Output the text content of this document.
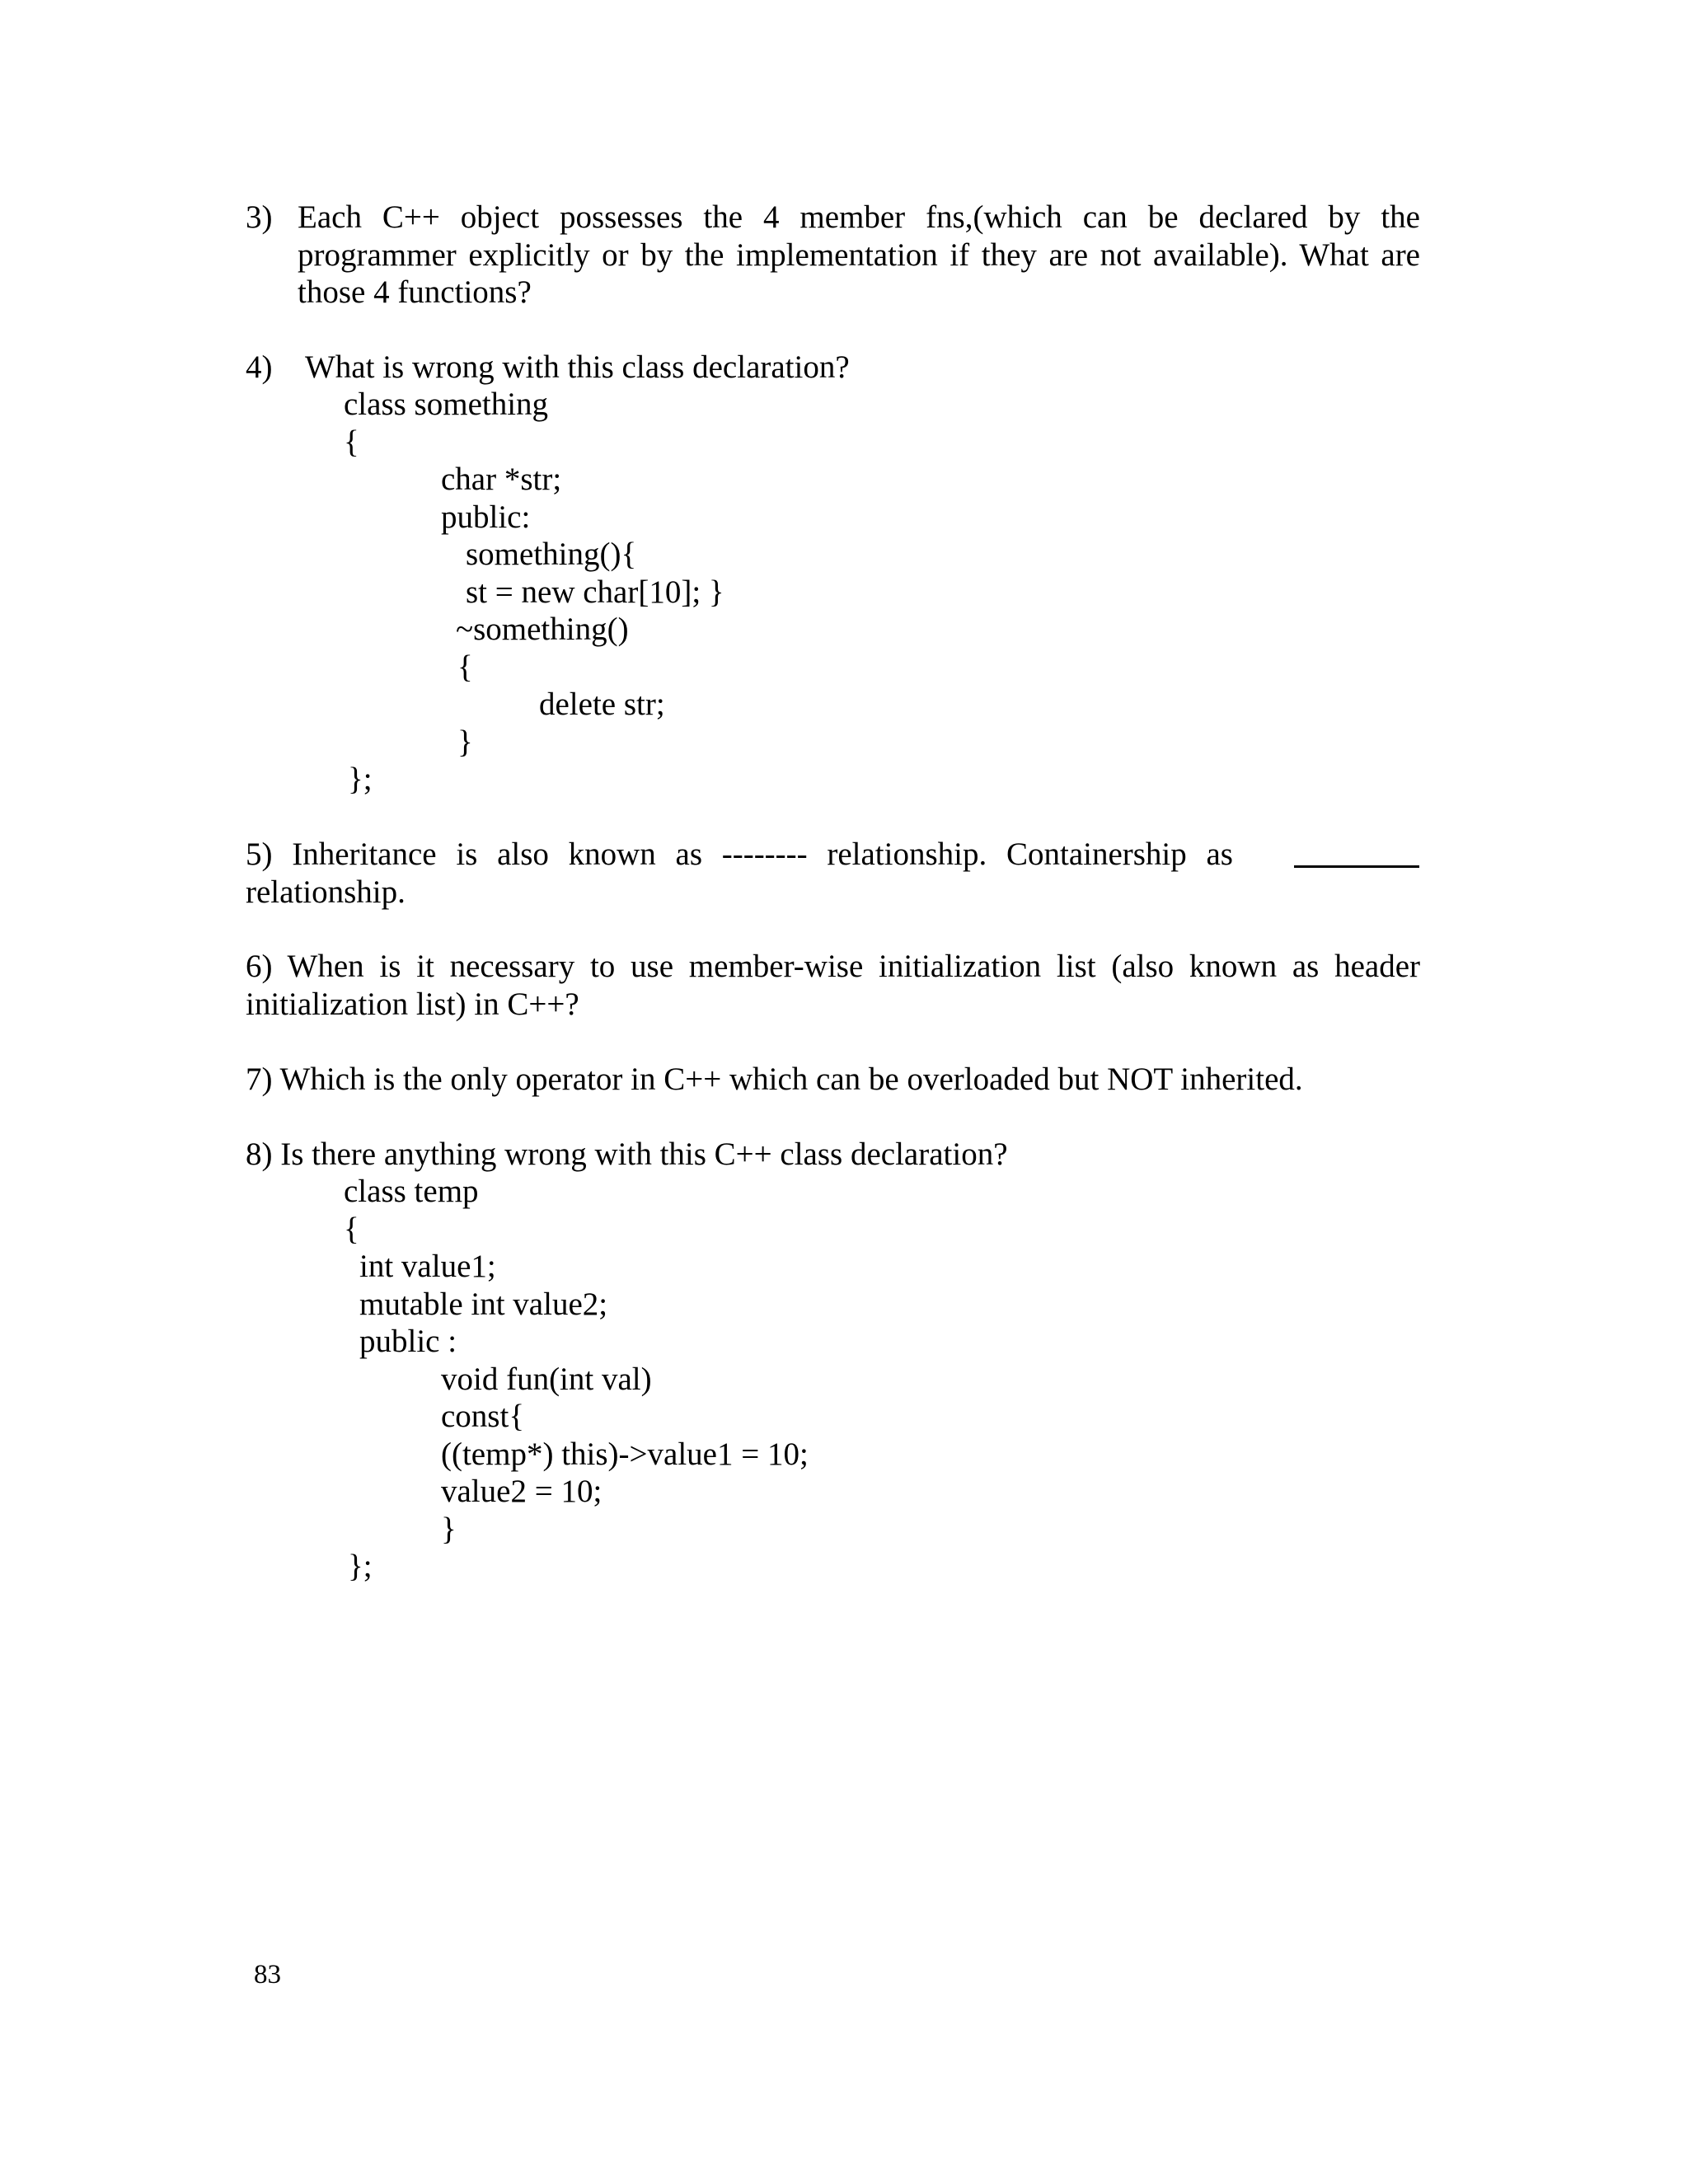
3) Each C++ object possesses the 4 member fns,(which can be declared by the
programmer explicitly or by the implementation if they are not available). What are
those 4 functions?
4) What is wrong with this class declaration?
class something
{
char *str;
public:
something(){
st = new char[10]; }
~something()
{
delete str;
}
};
5) Inheritance is also known as -------- relationship. Containership as
relationship.
6) When is it necessary to use member-wise initialization list (also known as header
initialization list) in C++?
7) Which is the only operator in C++ which can be overloaded but NOT inherited.
8) Is there anything wrong with this C++ class declaration?
class temp
{
int value1;
mutable int value2;
public :
void fun(int val)
const{
((temp*) this)->value1 = 10;
value2 = 10;
}
};
83
